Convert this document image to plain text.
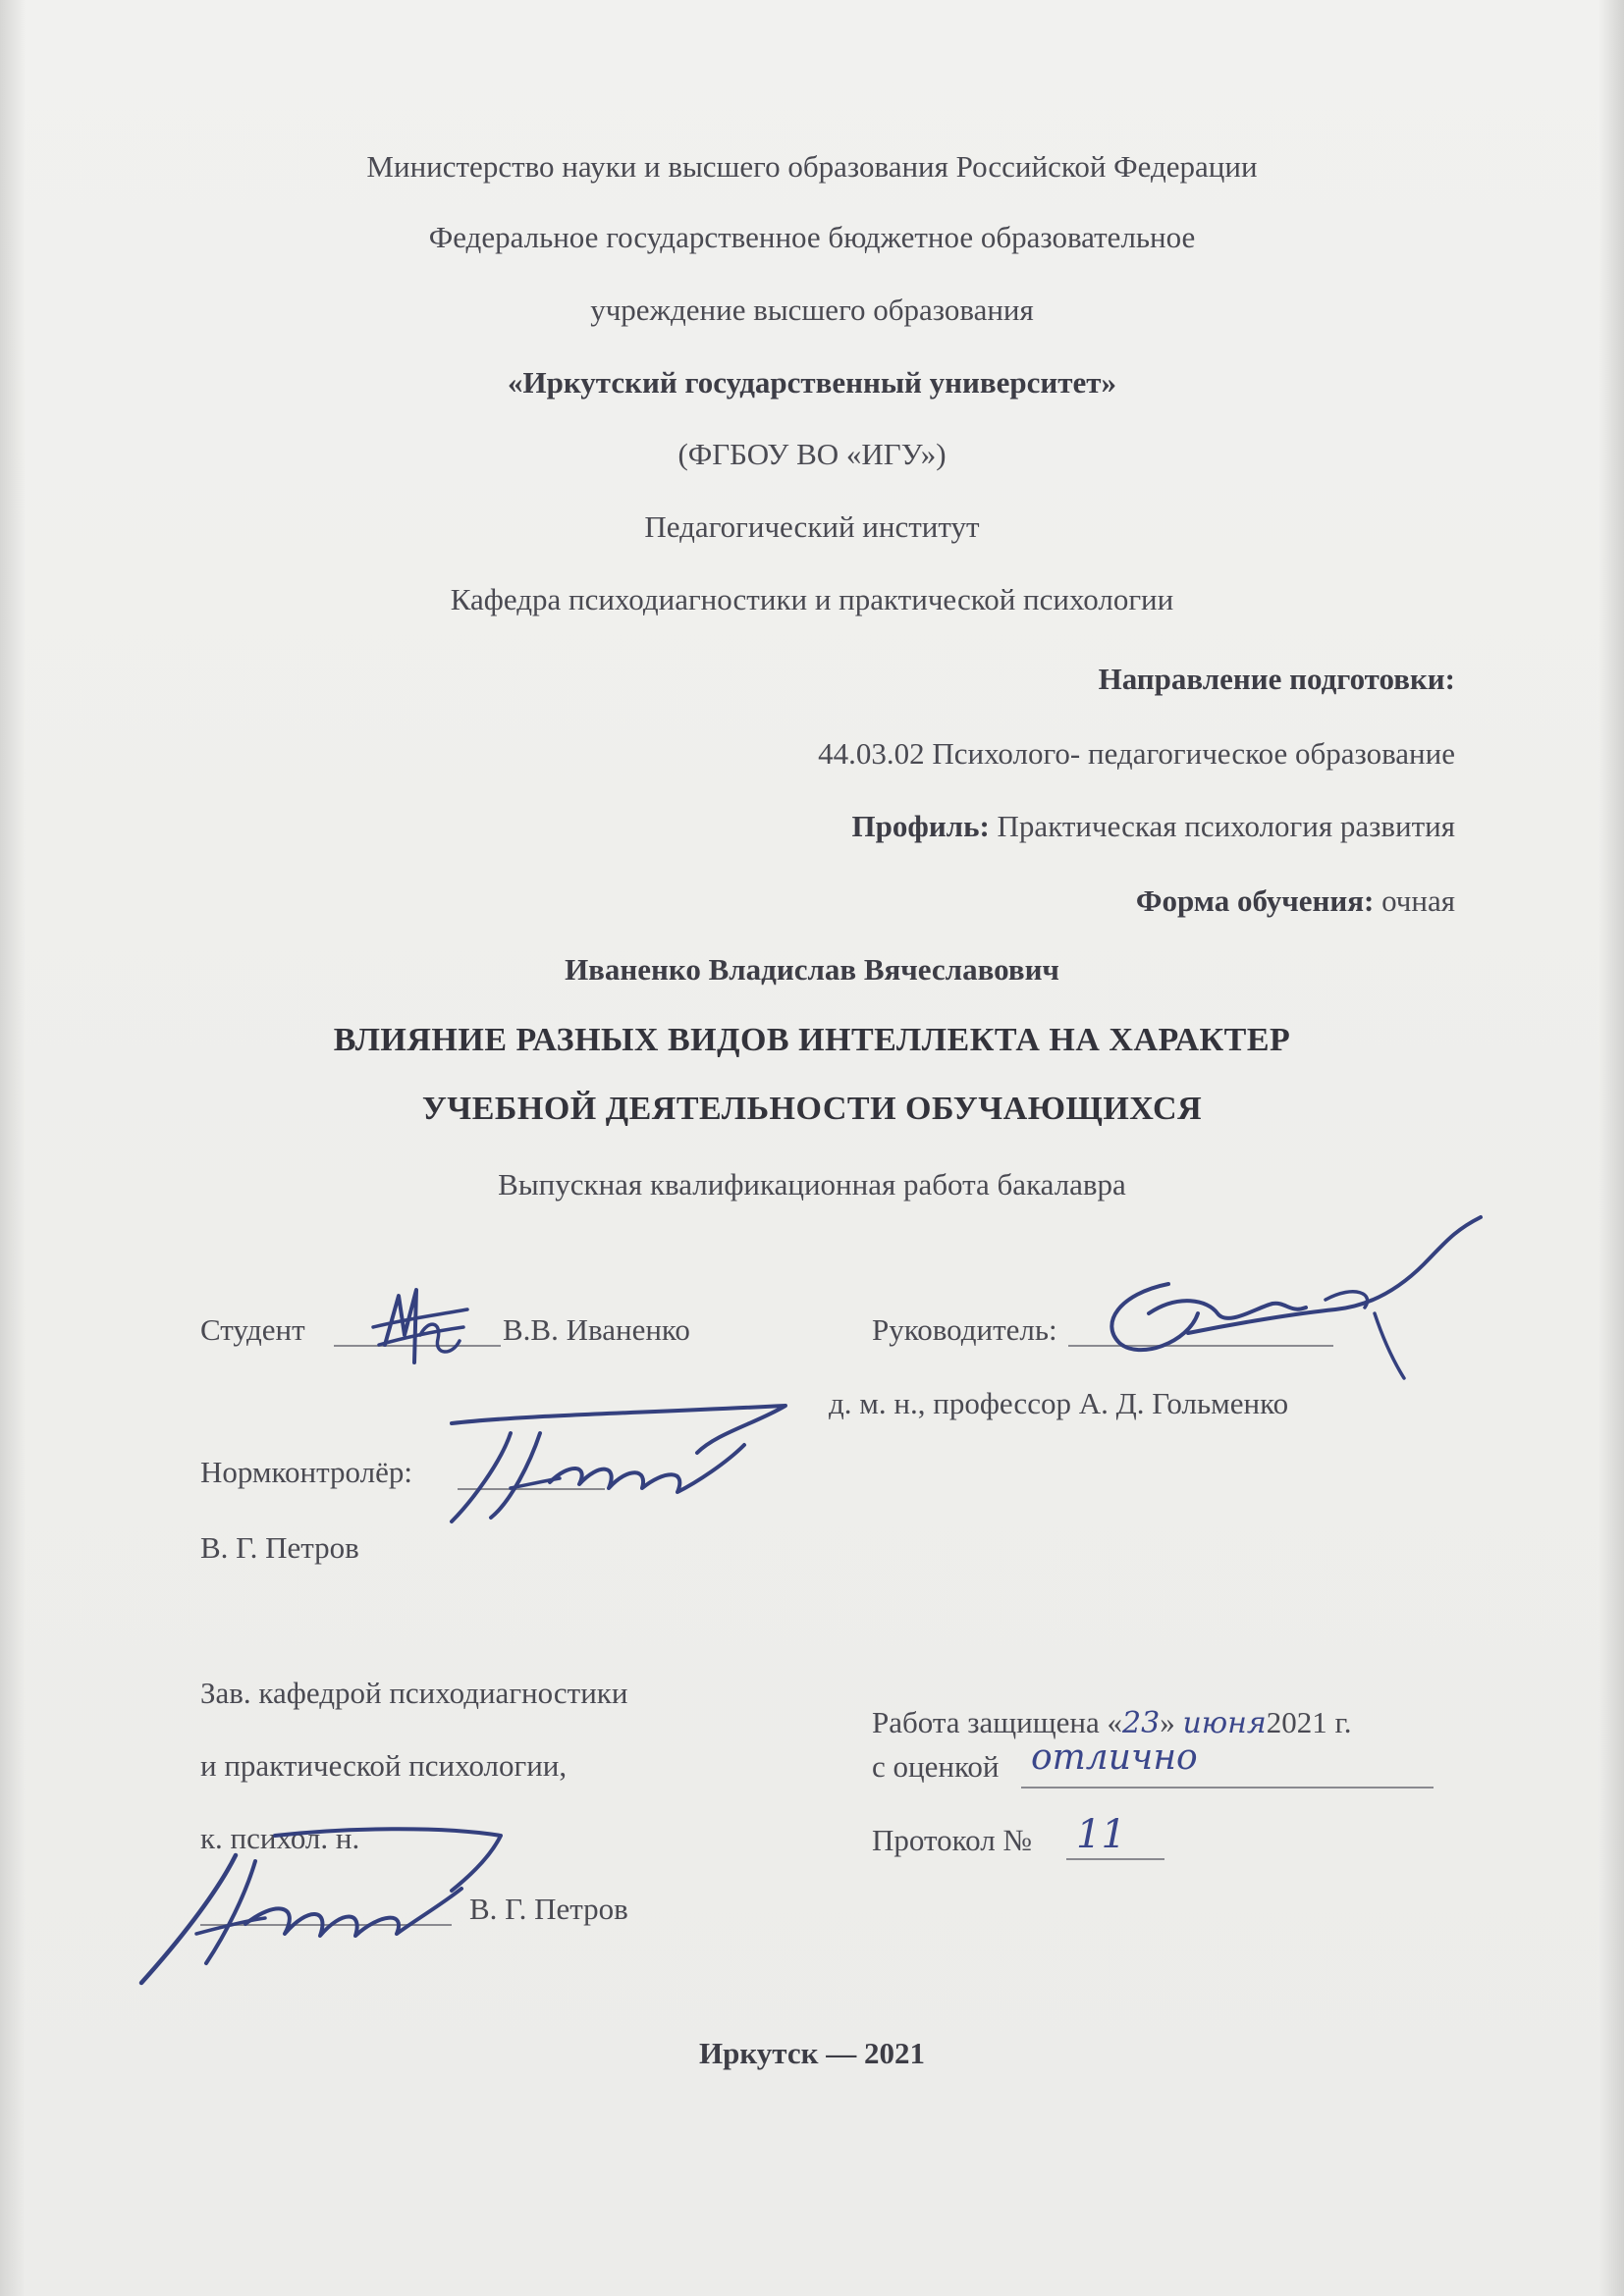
Министерство науки и высшего образования Российской Федерации
Федеральное государственное бюджетное образовательное
учреждение высшего образования
«Иркутский государственный университет»
(ФГБОУ ВО «ИГУ»)
Педагогический институт
Кафедра психодиагностики и практической психологии
Направление подготовки:
44.03.02 Психолого- педагогическое образование
Профиль: Практическая психология развития
Форма обучения: очная
Иваненко Владислав Вячеславович
ВЛИЯНИЕ РАЗНЫХ ВИДОВ ИНТЕЛЛЕКТА НА ХАРАКТЕР
УЧЕБНОЙ ДЕЯТЕЛЬНОСТИ ОБУЧАЮЩИХСЯ
Выпускная квалификационная работа бакалавра
Студент	В.В. Иваненко	Руководитель:
д. м. н., профессор А. Д. Гольменко
Нормконтролёр:
В. Г. Петров
Зав. кафедрой психодиагностики
и практической психологии,
к. психол. н.
В. Г. Петров
Работа защищена «23» июня2021 г.
с оценкой отлично
Протокол № 11
Иркутск — 2021
